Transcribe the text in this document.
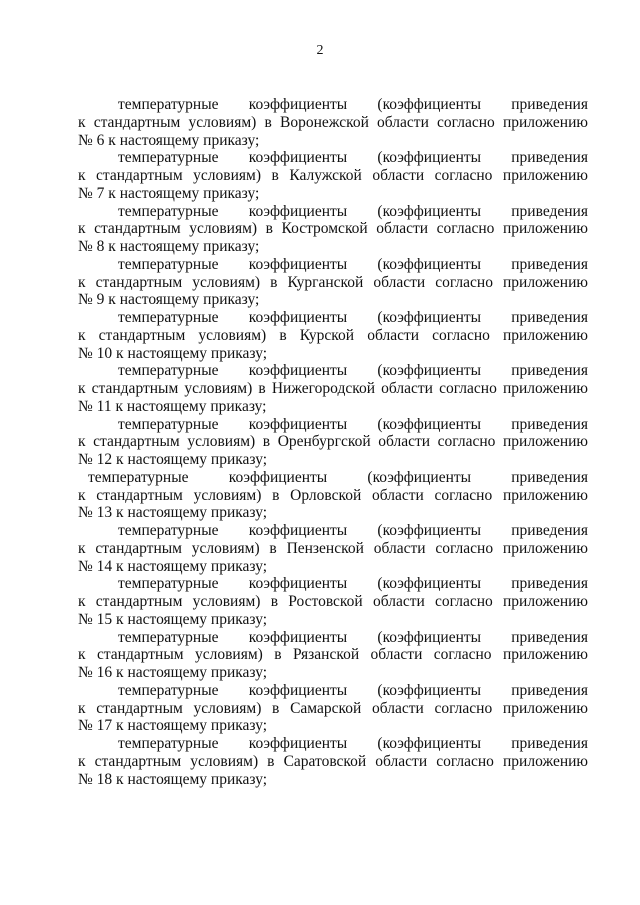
2
температурные коэффициенты (коэффициенты приведения
к стандартным условиям) в Воронежской области согласно приложению
№ 6 к настоящему приказу;
температурные коэффициенты (коэффициенты приведения
к стандартным условиям) в Калужской области согласно приложению
№ 7 к настоящему приказу;
температурные коэффициенты (коэффициенты приведения
к стандартным условиям) в Костромской области согласно приложению
№ 8 к настоящему приказу;
температурные коэффициенты (коэффициенты приведения
к стандартным условиям) в Курганской области согласно приложению
№ 9 к настоящему приказу;
температурные коэффициенты (коэффициенты приведения
к стандартным условиям) в Курской области согласно приложению
№ 10 к настоящему приказу;
температурные коэффициенты (коэффициенты приведения
к стандартным условиям) в Нижегородской области согласно приложению
№ 11 к настоящему приказу;
температурные коэффициенты (коэффициенты приведения
к стандартным условиям) в Оренбургской области согласно приложению
№ 12 к настоящему приказу;
температурные	коэффициенты	(коэффициенты	приведения
к стандартным условиям) в Орловской области согласно приложению
№ 13 к настоящему приказу;
температурные коэффициенты (коэффициенты приведения
к стандартным условиям) в Пензенской области согласно приложению
№ 14 к настоящему приказу;
температурные коэффициенты (коэффициенты приведения
к стандартным условиям) в Ростовской области согласно приложению
№ 15 к настоящему приказу;
температурные коэффициенты (коэффициенты приведения
к стандартным условиям) в Рязанской области согласно приложению
№ 16 к настоящему приказу;
температурные коэффициенты (коэффициенты приведения
к стандартным условиям) в Самарской области согласно приложению
№ 17 к настоящему приказу;
температурные коэффициенты (коэффициенты приведения
к стандартным условиям) в Саратовской области согласно приложению
№ 18 к настоящему приказу;
